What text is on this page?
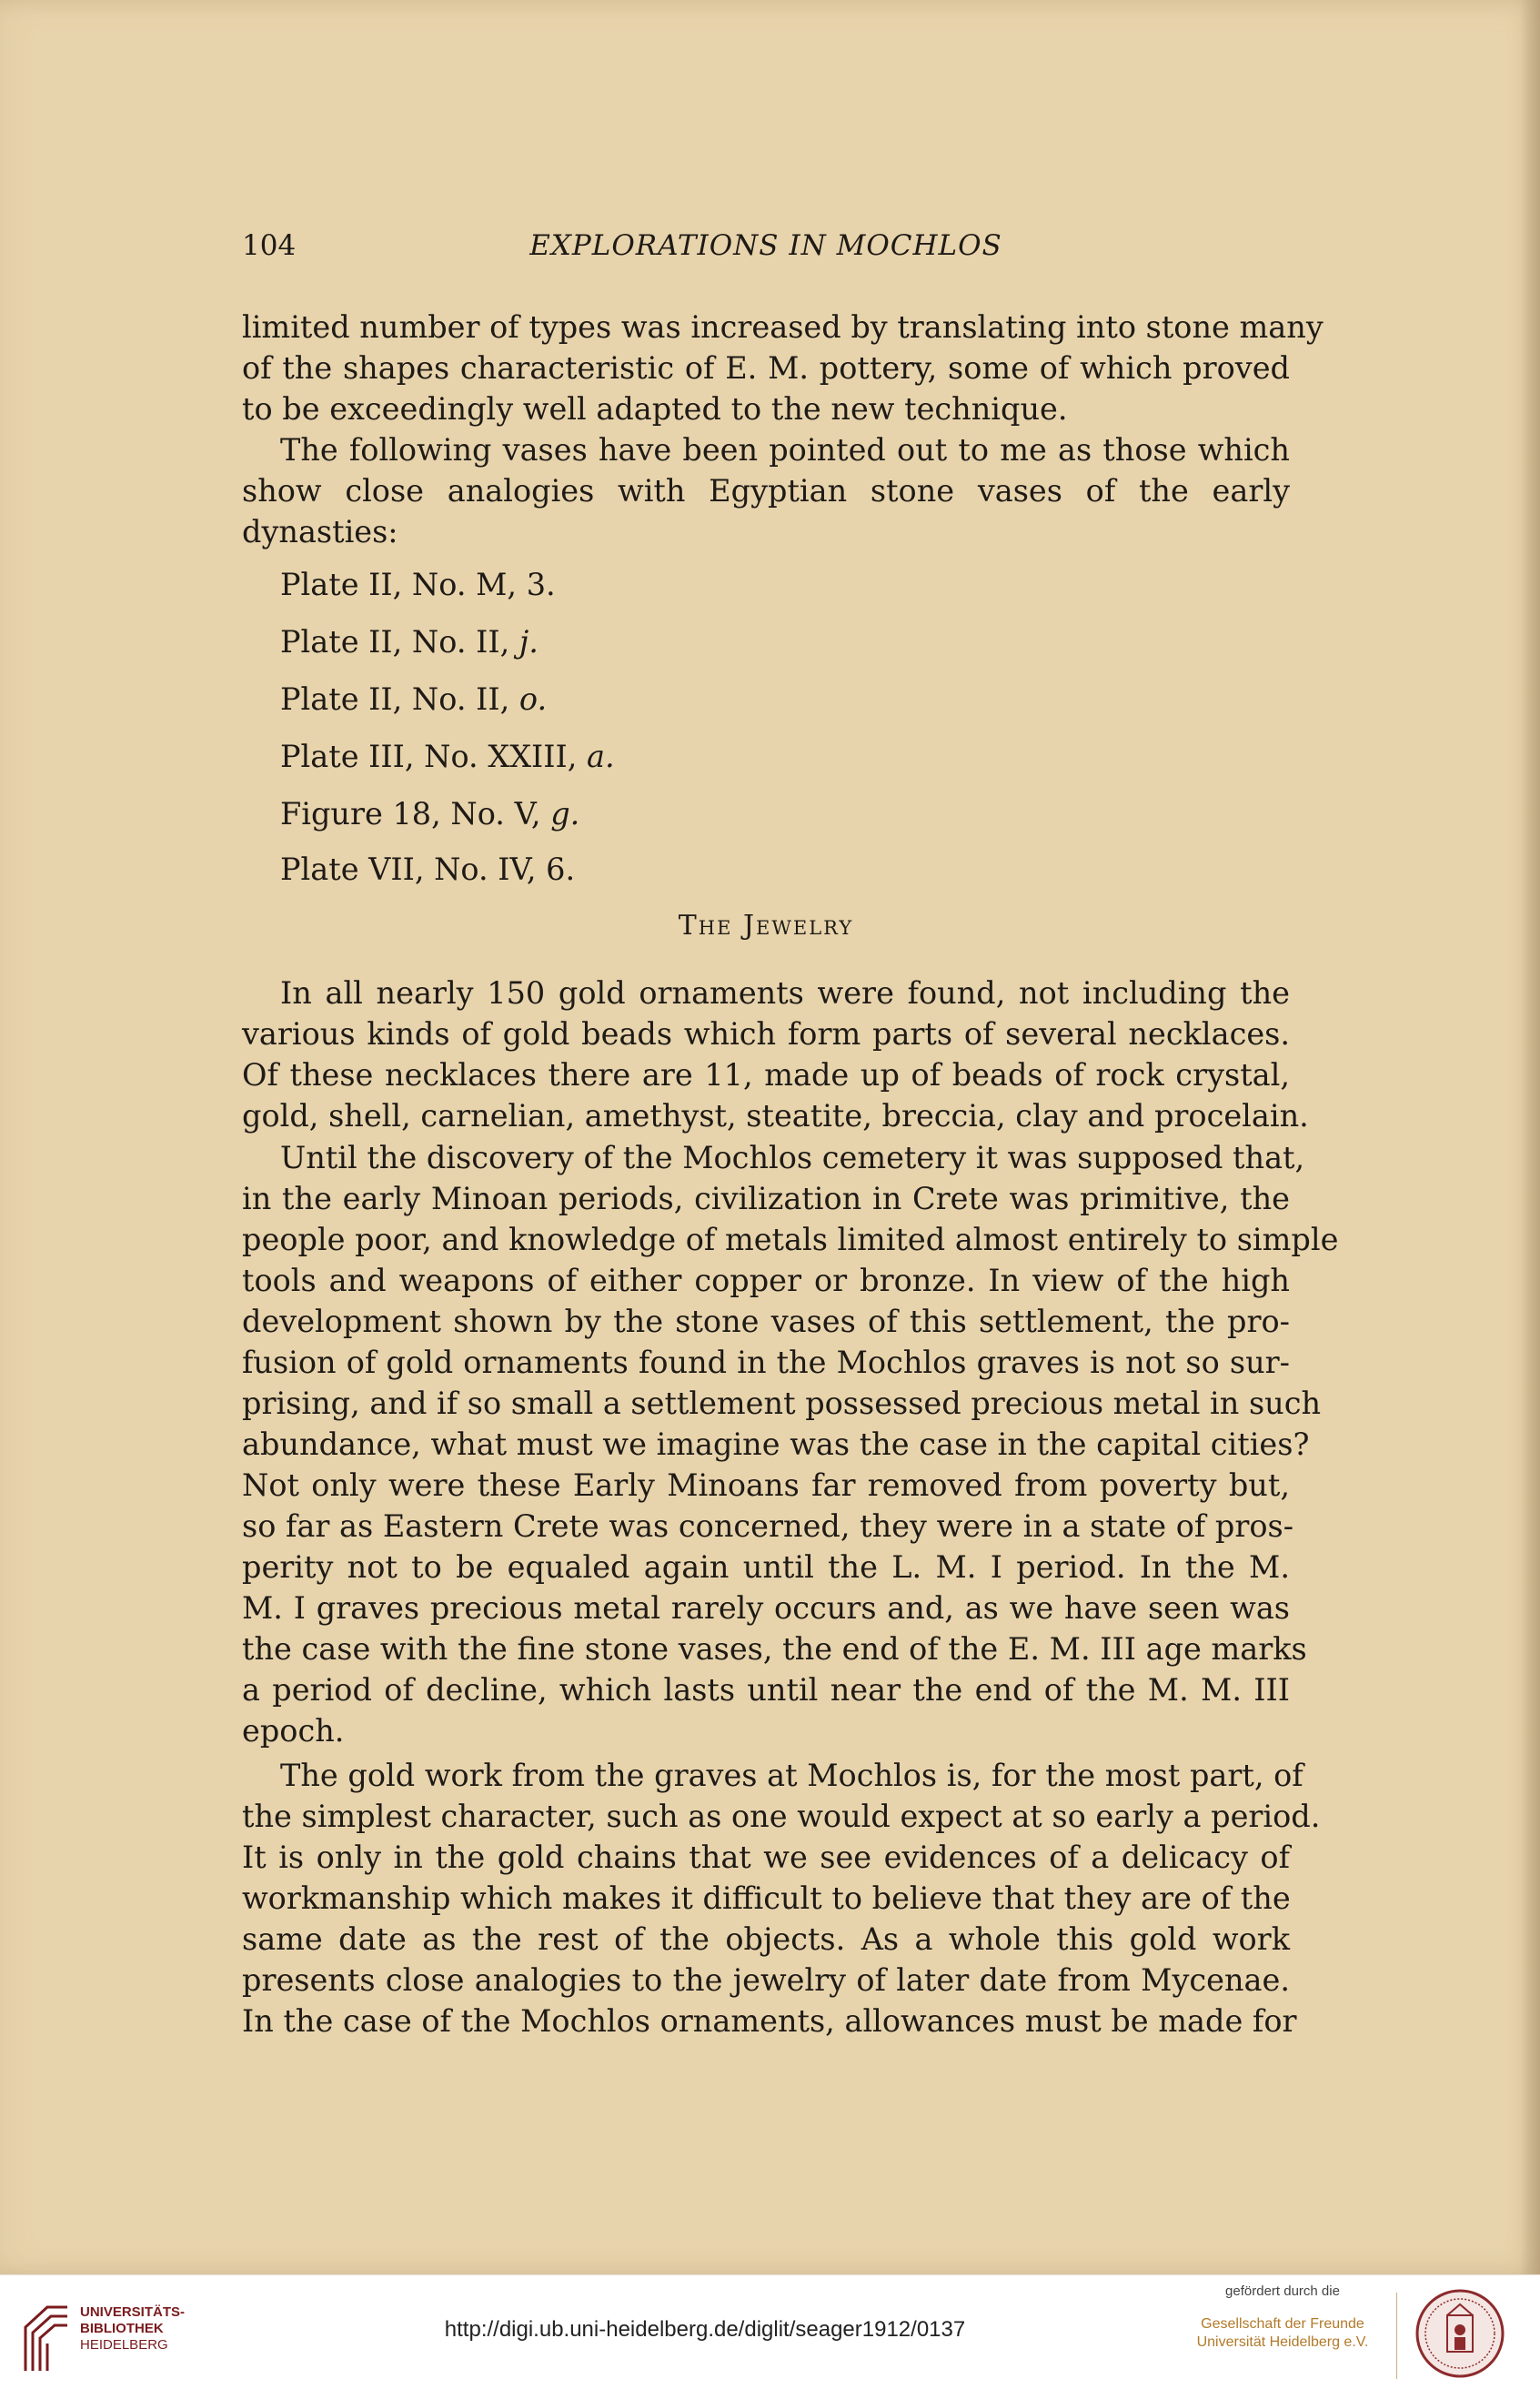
104	EXPLORATIONS IN MOCHLOS
limited number of types was increased by translating into stone many
of the shapes characteristic of E. M. pottery, some of which proved
to be exceedingly well adapted to the new technique.
The following vases have been pointed out to me as those which
show close analogies with Egyptian stone vases of the early
dynasties:
Plate II, No. M, 3.
Plate II, No. II, j.
Plate II, No. II, o.
Plate III, No. XXIII, a.
Figure 18, No. V, g.
Plate VII, No. IV, 6.
The Jewelry
In all nearly 150 gold ornaments were found, not including the
various kinds of gold beads which form parts of several necklaces.
Of these necklaces there are 11, made up of beads of rock crystal,
gold, shell, carnelian, amethyst, steatite, breccia, clay and procelain.
Until the discovery of the Mochlos cemetery it was supposed that,
in the early Minoan periods, civilization in Crete was primitive, the
people poor, and knowledge of metals limited almost entirely to simple
tools and weapons of either copper or bronze. In view of the high
development shown by the stone vases of this settlement, the pro-
fusion of gold ornaments found in the Mochlos graves is not so sur-
prising, and if so small a settlement possessed precious metal in such
abundance, what must we imagine was the case in the capital cities?
Not only were these Early Minoans far removed from poverty but,
so far as Eastern Crete was concerned, they were in a state of pros-
perity not to be equaled again until the L. M. I period. In the M.
M. I graves precious metal rarely occurs and, as we have seen was
the case with the fine stone vases, the end of the E. M. III age marks
a period of decline, which lasts until near the end of the M. M. III
epoch.
The gold work from the graves at Mochlos is, for the most part, of
the simplest character, such as one would expect at so early a period.
It is only in the gold chains that we see evidences of a delicacy of
workmanship which makes it difficult to believe that they are of the
same date as the rest of the objects. As a whole this gold work
presents close analogies to the jewelry of later date from Mycenae.
In the case of the Mochlos ornaments, allowances must be made for
UNIVERSITÄTS-
BIBLIOTHEK
HEIDELBERG
http://digi.ub.uni-heidelberg.de/diglit/seager1912/0137
gefördert durch die
Gesellschaft der Freunde
Universität Heidelberg e.V.
